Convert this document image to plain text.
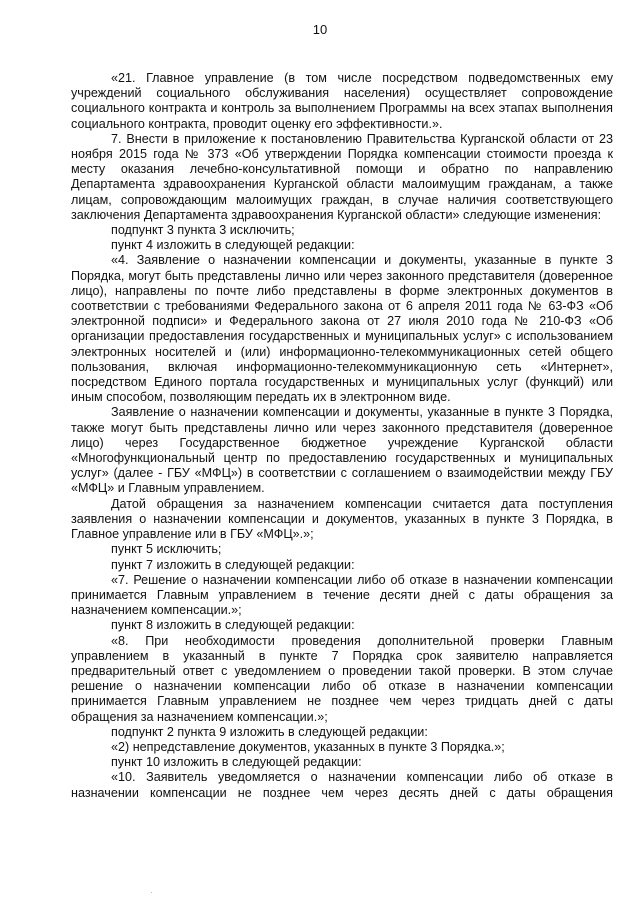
10

«21. Главное управление (в том числе посредством подведомственных ему учреждений социального обслуживания населения) осуществляет сопровождение социального контракта и контроль за выполнением Программы на всех этапах выполнения социального контракта, проводит оценку его эффективности.».

7. Внести в приложение к постановлению Правительства Курганской области от 23 ноября 2015 года № 373 «Об утверждении Порядка компенсации стоимости проезда к месту оказания лечебно-консультативной помощи и обратно по направлению Департамента здравоохранения Курганской области малоимущим гражданам, а также лицам, сопровождающим малоимущих граждан, в случае наличия соответствующего заключения Департамента здравоохранения Курганской области» следующие изменения:

подпункт 3 пункта 3 исключить;

пункт 4 изложить в следующей редакции:

«4. Заявление о назначении компенсации и документы, указанные в пункте 3 Порядка, могут быть представлены лично или через законного представителя (доверенное лицо), направлены по почте либо представлены в форме электронных документов в соответствии с требованиями Федерального закона от 6 апреля 2011 года № 63-ФЗ «Об электронной подписи» и Федерального закона от 27 июля 2010 года № 210-ФЗ «Об организации предоставления государственных и муниципальных услуг» с использованием электронных носителей и (или) информационно-телекоммуникационных сетей общего пользования, включая информационно-телекоммуникационную сеть «Интернет», посредством Единого портала государственных и муниципальных услуг (функций) или иным способом, позволяющим передать их в электронном виде.

Заявление о назначении компенсации и документы, указанные в пункте 3 Порядка, также могут быть представлены лично или через законного представителя (доверенное лицо) через Государственное бюджетное учреждение Курганской области «Многофункциональный центр по предоставлению государственных и муниципальных услуг» (далее - ГБУ «МФЦ») в соответствии с соглашением о взаимодействии между ГБУ «МФЦ» и Главным управлением.

Датой обращения за назначением компенсации считается дата поступления заявления о назначении компенсации и документов, указанных в пункте 3 Порядка, в Главное управление или в ГБУ «МФЦ».»;

пункт 5 исключить;

пункт 7 изложить в следующей редакции:

«7. Решение о назначении компенсации либо об отказе в назначении компенсации принимается Главным управлением в течение десяти дней с даты обращения за назначением компенсации.»;

пункт 8 изложить в следующей редакции:

«8. При необходимости проведения дополнительной проверки Главным управлением в указанный в пункте 7 Порядка срок заявителю направляется предварительный ответ с уведомлением о проведении такой проверки. В этом случае решение о назначении компенсации либо об отказе в назначении компенсации принимается Главным управлением не позднее чем через тридцать дней с даты обращения за назначением компенсации.»;

подпункт 2 пункта 9 изложить в следующей редакции:

«2) непредставление документов, указанных в пункте 3 Порядка.»;

пункт 10 изложить в следующей редакции:

«10. Заявитель уведомляется о назначении компенсации либо об отказе в назначении компенсации не позднее чем через десять дней с даты обращения
